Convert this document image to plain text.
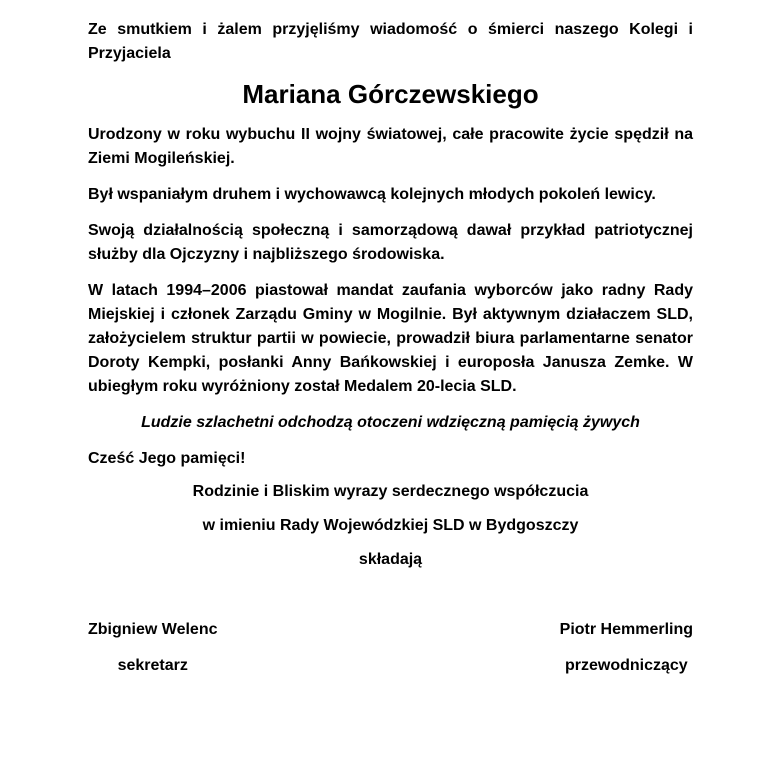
Ze smutkiem i żalem przyjęliśmy wiadomość o śmierci naszego Kolegi i Przyjaciela

Mariana Górczewskiego

Urodzony w roku wybuchu II wojny światowej, całe pracowite życie spędził na Ziemi Mogileńskiej.

Był wspaniałym druhem i wychowawcą kolejnych młodych pokoleń lewicy.

Swoją działalnością społeczną i samorządową dawał przykład patriotycznej służby dla Ojczyzny i najbliższego środowiska.

W latach 1994–2006 piastował mandat zaufania wyborców jako radny Rady Miejskiej i członek Zarządu Gminy w Mogilnie. Był aktywnym działaczem SLD, założycielem struktur partii w powiecie, prowadził biura parlamentarne senator Doroty Kempki, posłanki Anny Bańkowskiej i europosła Janusza Zemke. W ubiegłym roku wyróżniony został Medalem 20-lecia SLD.

Ludzie szlachetni odchodzą otoczeni wdzięczną pamięcią żywych

Cześć Jego pamięci!

Rodzinie i Bliskim wyrazy serdecznego współczucia

w imieniu Rady Wojewódzkiej SLD w Bydgoszczy

składają

Zbigniew Welenc

sekretarz

Piotr Hemmerling

przewodniczący
